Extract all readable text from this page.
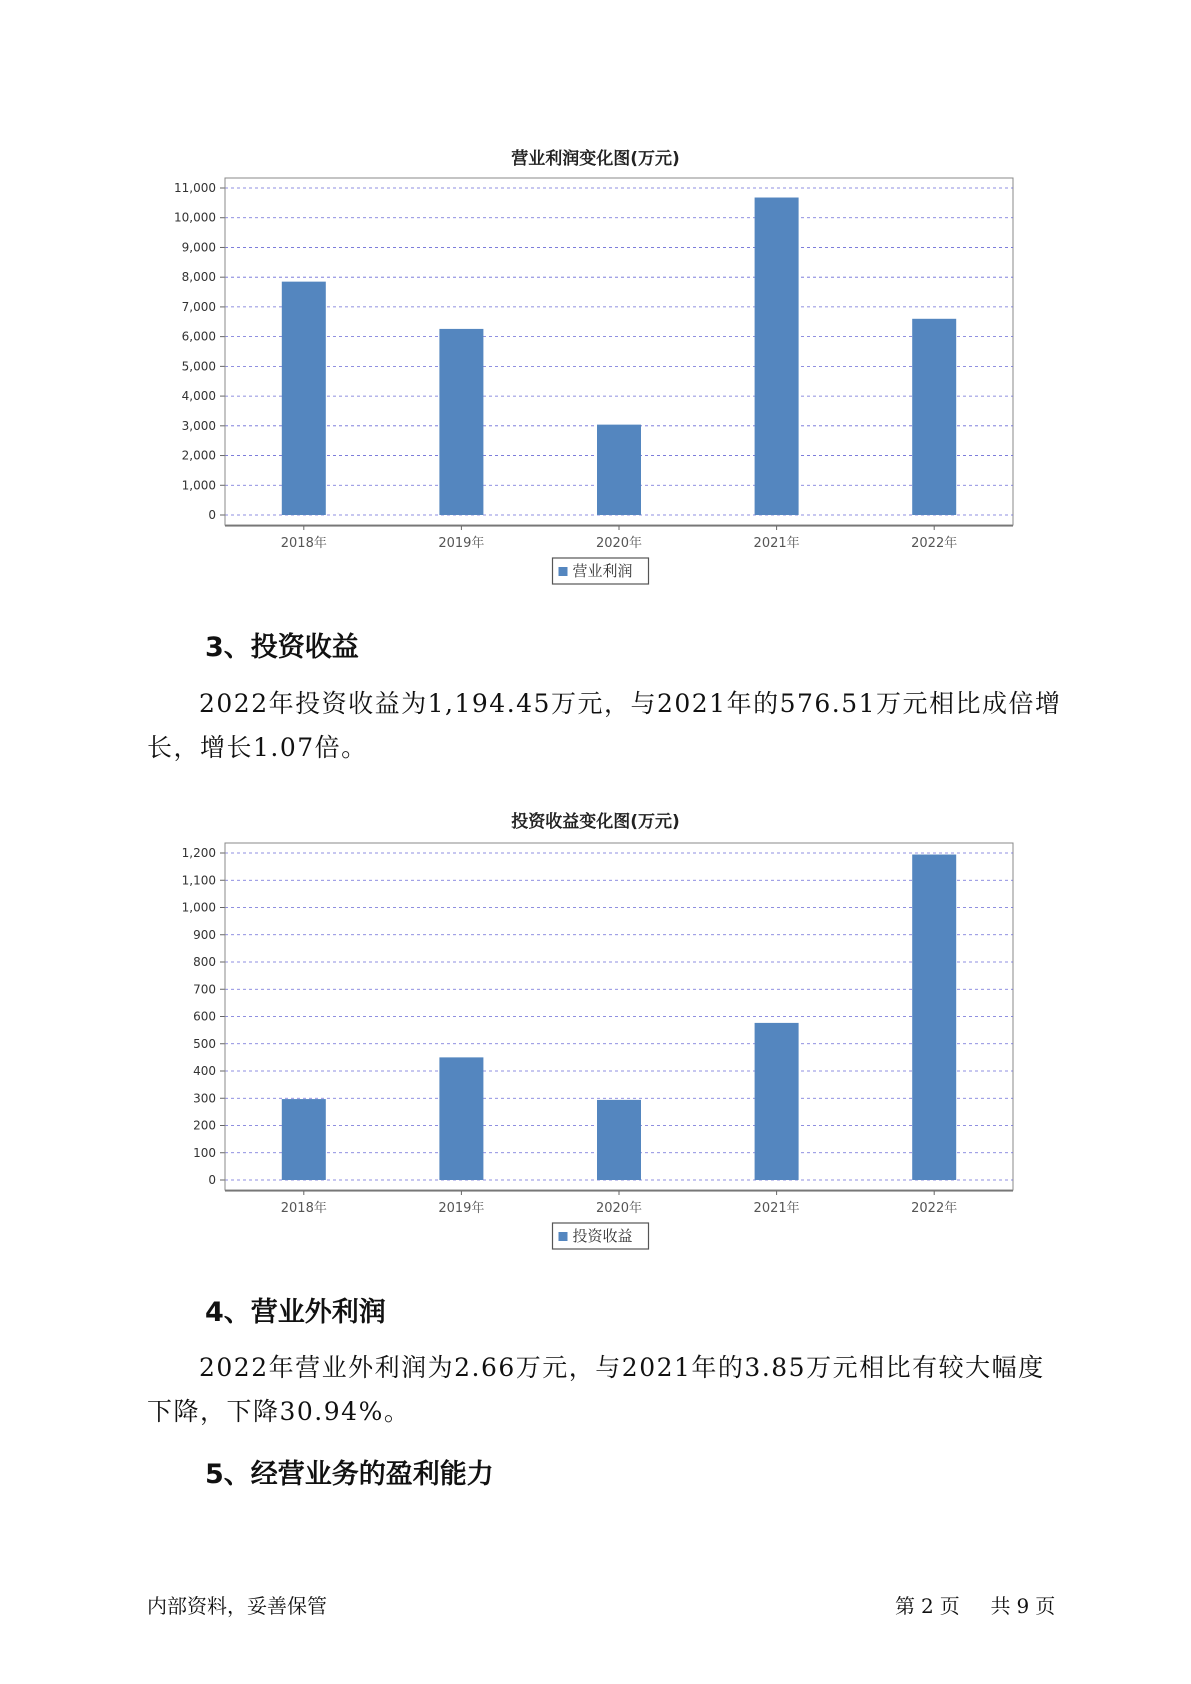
营业利润变化图(万元)
0
1,000
2,000
3,000
4,000
5,000
6,000
7,000
8,000
9,000
10,000
11,000
2018年	2019年	2020年	2021年	2022年
营业利润
3、投资收益
2022年投资收益为1,194.45万元，与2021年的576.51万元相比成倍增
长，增长1.07倍。
投资收益变化图(万元)
0
100
200
300
400
500
600
700
800
900
1,000
1,100
1,200
2018年	2019年	2020年	2021年	2022年
投资收益
4、营业外利润
2022年营业外利润为2.66万元，与2021年的3.85万元相比有较大幅度
下降，下降30.94%。
5、经营业务的盈利能力
内部资料，妥善保管	第 2 页 共 9 页
